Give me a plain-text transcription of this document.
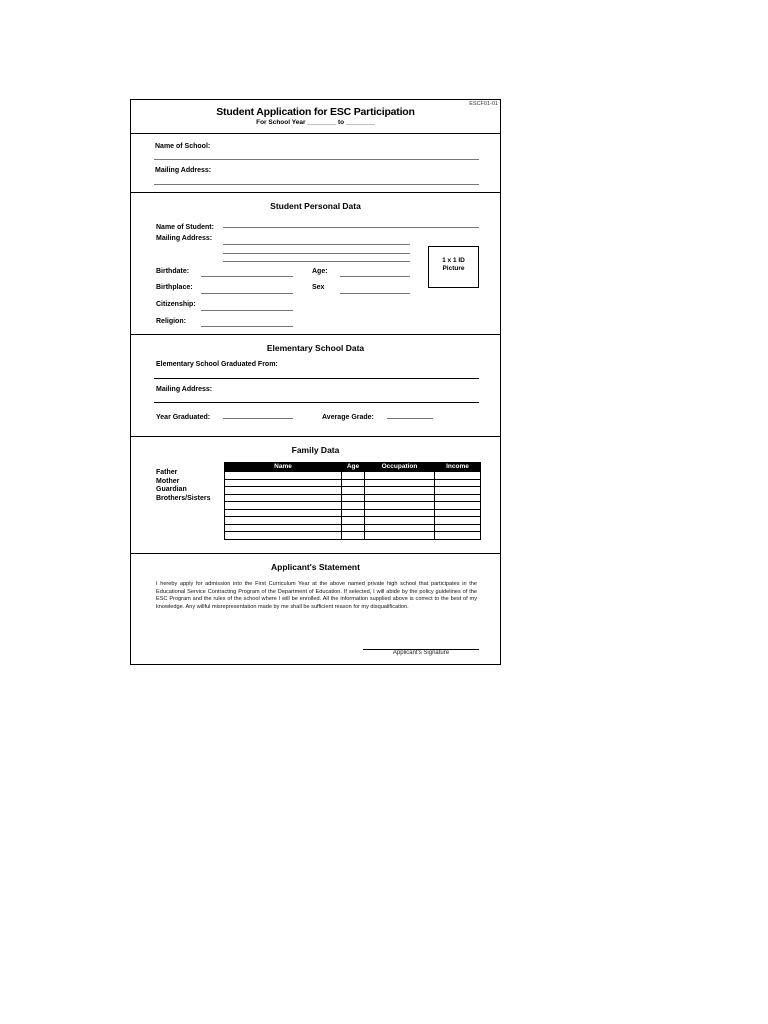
ESCF01-01
Student Application for ESC Participation
For School Year ________ to ________
Name of School:
Mailing Address:
Student Personal Data
Name of Student:
Mailing Address:
1 x 1 ID
Picture
Birthdate:	Age:
Birthplace:	Sex
Citizenship:
Religion:
Elementary School Data
Elementary School Graduated From:
Mailing Address:
Year Graduated:	Average Grade:
Family Data
Father
Mother
Guardian
Brothers/Sisters
Name	Age	Occupation	Income

Applicant's Statement
I hereby apply for admission into the First Curriculum Year at the above named private high school that participates in the Educational Service Contracting Program of the Department of Education. If selected, I will abide by the policy guidelines of the ESC Program and the rules of the school where I will be enrolled. All the information supplied above is correct to the best of my knowledge. Any willful misrepresentation made by me shall be sufficient reason for my disqualification.
Applicant's Signature
